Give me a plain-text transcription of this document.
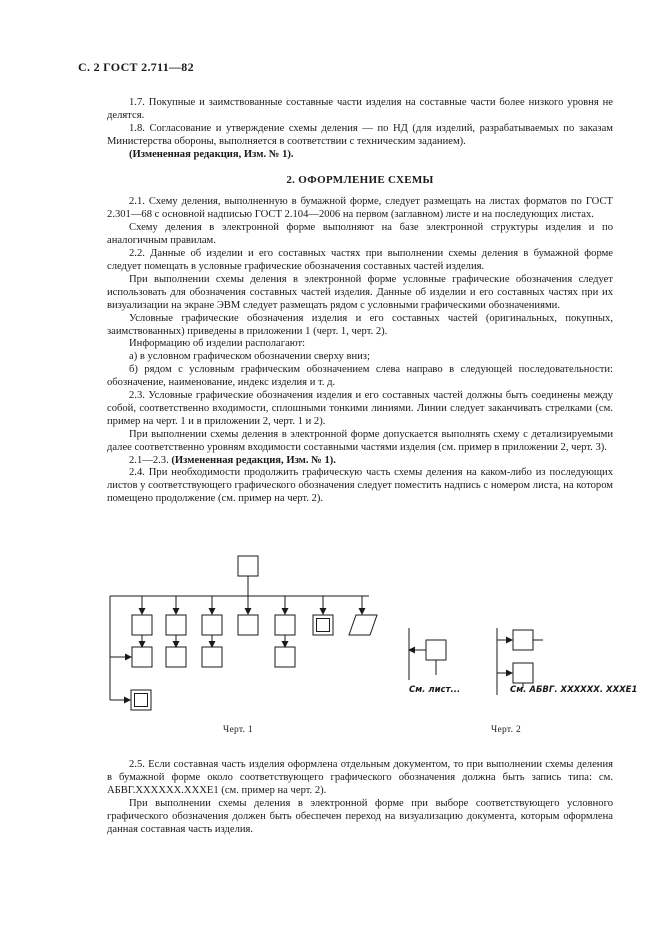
С. 2 ГОСТ 2.711—82

1.7. Покупные и заимствованные составные части изделия на составные части более низкого уровня не делятся.

1.8. Согласование и утверждение схемы деления — по НД (для изделий, разрабатываемых по заказам Министерства обороны, выполняется в соответствии с техническим заданием).

(Измененная редакция, Изм. № 1).

2. ОФОРМЛЕНИЕ СХЕМЫ

2.1. Схему деления, выполненную в бумажной форме, следует размещать на листах форматов по ГОСТ 2.301—68 с основной надписью ГОСТ 2.104—2006 на первом (заглавном) листе и на последующих листах.

Схему деления в электронной форме выполняют на базе электронной структуры изделия и по аналогичным правилам.

2.2. Данные об изделии и его составных частях при выполнении схемы деления в бумажной форме следует помещать в условные графические обозначения составных частей изделия.

При выполнении схемы деления в электронной форме условные графические обозначения следует использовать для обозначения составных частей изделия. Данные об изделии и его составных частях при их визуализации на экране ЭВМ следует размещать рядом с условными графическими обозначениями.

Условные графические обозначения изделия и его составных частей (оригинальных, покупных, заимствованных) приведены в приложении 1 (черт. 1, черт. 2).

Информацию об изделии располагают:

а) в условном графическом обозначении сверху вниз;

б) рядом с условным графическим обозначением слева направо в следующей последовательности: обозначение, наименование, индекс изделия и т. д.

2.3. Условные графические обозначения изделия и его составных частей должны быть соединены между собой, соответственно входимости, сплошными тонкими линиями. Линии следует заканчивать стрелками (см. пример на черт. 1 и в приложении 2, черт. 1 и 2).

При выполнении схемы деления в электронной форме допускается выполнять схему с детализируемыми далее соответственно уровням входимости составными частями изделия (см. пример в приложении 2, черт. 3).

2.1—2.3. (Измененная редакция, Изм. № 1).

2.4. При необходимости продолжить графическую часть схемы деления на каком-либо из последующих листов у соответствующего графического обозначения следует поместить надпись с номером листа, на котором помещено продолжение (см. пример на черт. 2).

См. лист...	См. АБВГ. XXXXXX. XXXE1
Черт. 1	Черт. 2

2.5. Если составная часть изделия оформлена отдельным документом, то при выполнении схемы деления в бумажной форме около соответствующего графического обозначения должна быть запись типа: см. АБВГ.XXXXXX.XXXE1 (см. пример на черт. 2).

При выполнении схемы деления в электронной форме при выборе соответствующего условного графического обозначения должен быть обеспечен переход на визуализацию документа, которым оформлена данная составная часть изделия.
